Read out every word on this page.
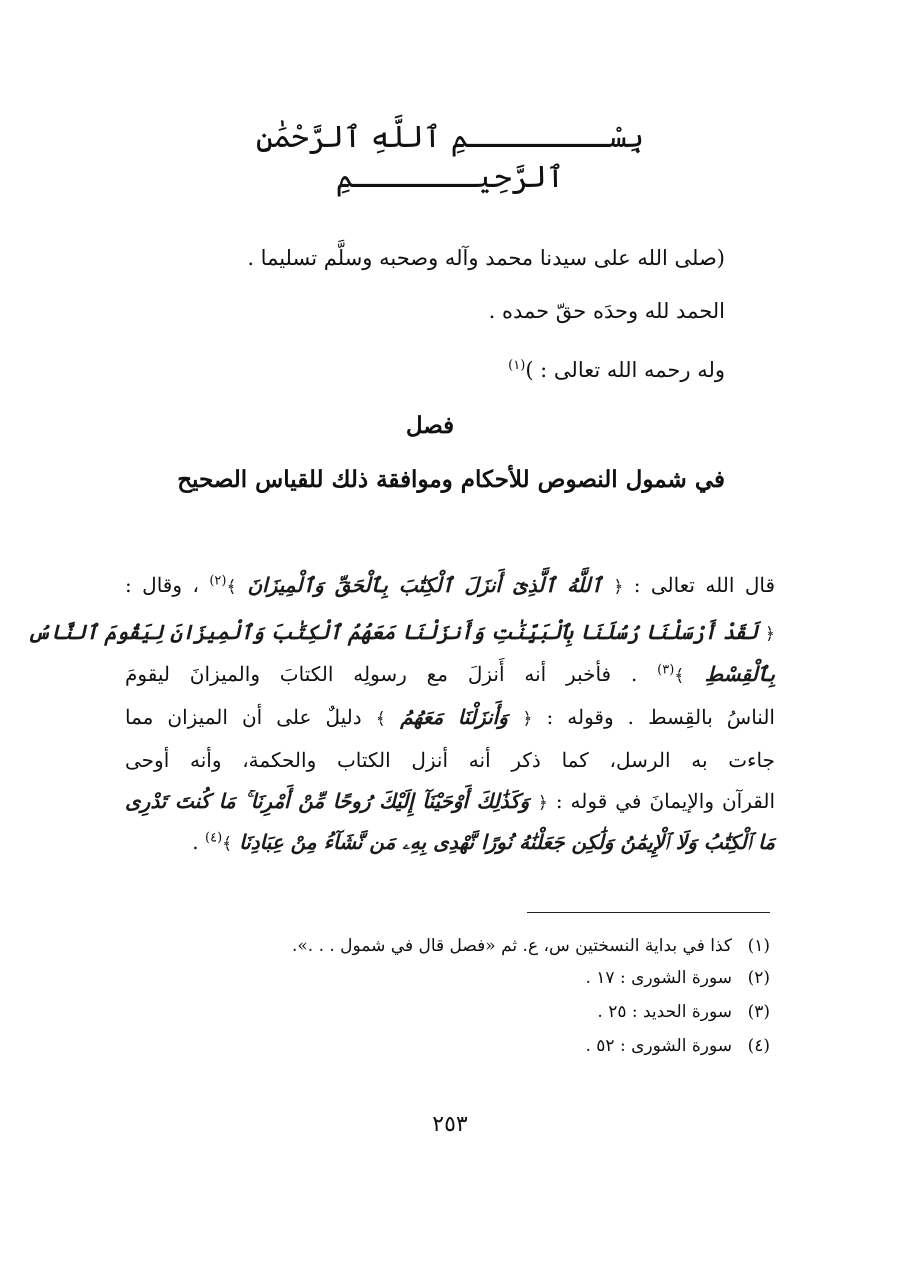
بِسْــــــــمِ ٱللَّهِ ٱلرَّحْمَٰنِ ٱلرَّحِيـــــــمِ
(صلى الله على سيدنا محمد وآله وصحبه وسلَّم تسليما .
الحمد لله وحدَه حقّ حمده .
وله رحمه الله تعالى : )$^{(١)}$
فصل
في شمول النصوص للأحكام وموافقة ذلك للقياس الصحيح
قال الله تعالى : ﴿ ٱللَّهُ ٱلَّذِىٓ أَنزَلَ ٱلْكِتَٰبَ بِٱلْحَقِّ وَٱلْمِيزَانَ ﴾$^{(٢)}$ ، وقال :
﴿ لَقَدْ أَرْسَلْنَا رُسُلَنَا بِٱلْبَيِّنَٰتِ وَأَنزَلْنَا مَعَهُمُ ٱلْكِتَٰبَ وَٱلْمِيزَانَ لِيَقُومَ ٱلنَّاسُ
بِٱلْقِسْطِ ﴾$^{(٣)}$ . فأخبر أنه أَنزلَ مع رسولِه الكتابَ والميزانَ ليقومَ
الناسُ بالقِسط . وقوله : ﴿ وَأَنزَلْنَا مَعَهُمُ ﴾ دليلٌ على أن الميزان مما
جاءت به الرسل، كما ذكر أنه أنزل الكتاب والحكمة، وأنه أوحى
القرآن والإيمانَ في قوله : ﴿ وَكَذَٰلِكَ أَوْحَيْنَآ إِلَيْكَ رُوحًا مِّنْ أَمْرِنَا ۚ مَا كُنتَ تَدْرِى
مَا ٱلْكِتَٰبُ وَلَا ٱلْإِيمَٰنُ وَلَٰكِن جَعَلْنَٰهُ نُورًا نَّهْدِى بِهِۦ مَن نَّشَآءُ مِنْ عِبَادِنَا ﴾$^{(٤)}$ .
(١)كذا في بداية النسختين س، ع. ثم «فصل قال في شمول . . .».
(٢)سورة الشورى : ١٧ .
(٣)سورة الحديد : ٢٥ .
(٤)سورة الشورى : ٥٢ .
٢٥٣
